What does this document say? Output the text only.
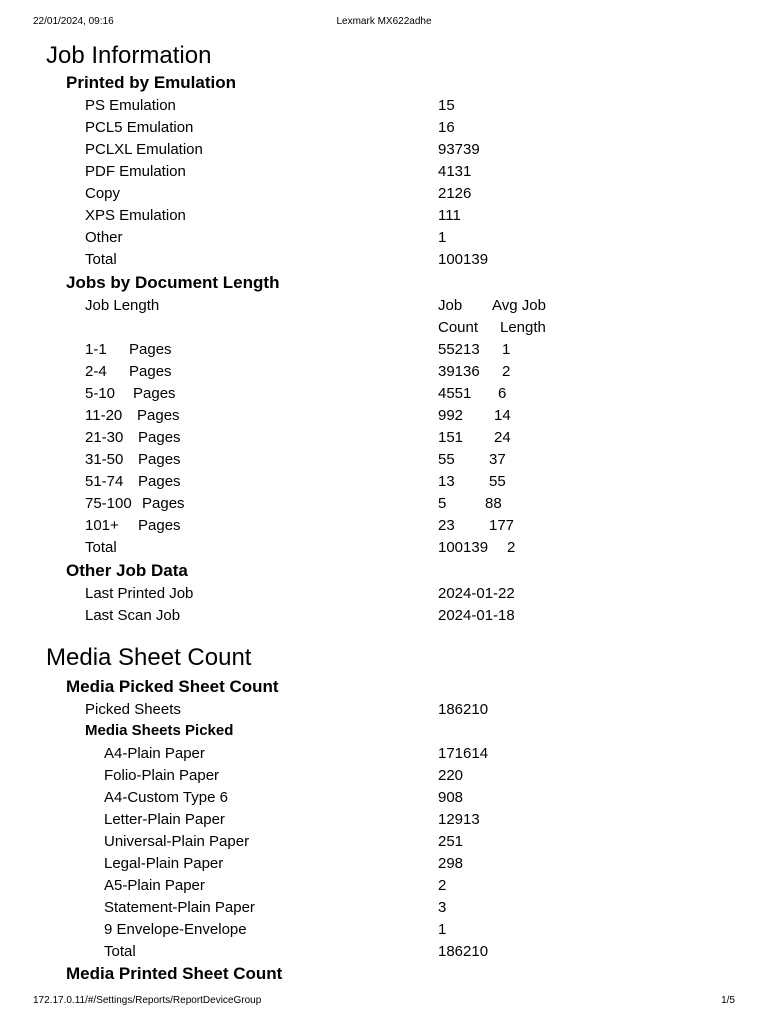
22/01/2024, 09:16	Lexmark MX622adhe
Job Information
Printed by Emulation
PS Emulation	15
PCL5 Emulation	16
PCLXL Emulation	93739
PDF Emulation	4131
Copy	2126
XPS Emulation	111
Other	1
Total	100139
Jobs by Document Length
Job Length	Job Avg Job
Count Length
1-1 Pages	55213 1
2-4 Pages	39136 2
5-10 Pages	4551 6
11-20 Pages	992 14
21-30 Pages	151 24
31-50 Pages	55 37
51-74 Pages	13 55
75-100 Pages	5	88
101+ Pages	23 177
Total	100139 2
Other Job Data
Last Printed Job	2024-01-22
Last Scan Job	2024-01-18
Media Sheet Count
Media Picked Sheet Count
Picked Sheets	186210
Media Sheets Picked
A4-Plain Paper	171614
Folio-Plain Paper	220
A4-Custom Type 6	908
Letter-Plain Paper	12913
Universal-Plain Paper	251
Legal-Plain Paper	298
A5-Plain Paper	2
Statement-Plain Paper	3
9 Envelope-Envelope	1
Total	186210
Media Printed Sheet Count
172.17.0.11/#/Settings/Reports/ReportDeviceGroup	1/5
